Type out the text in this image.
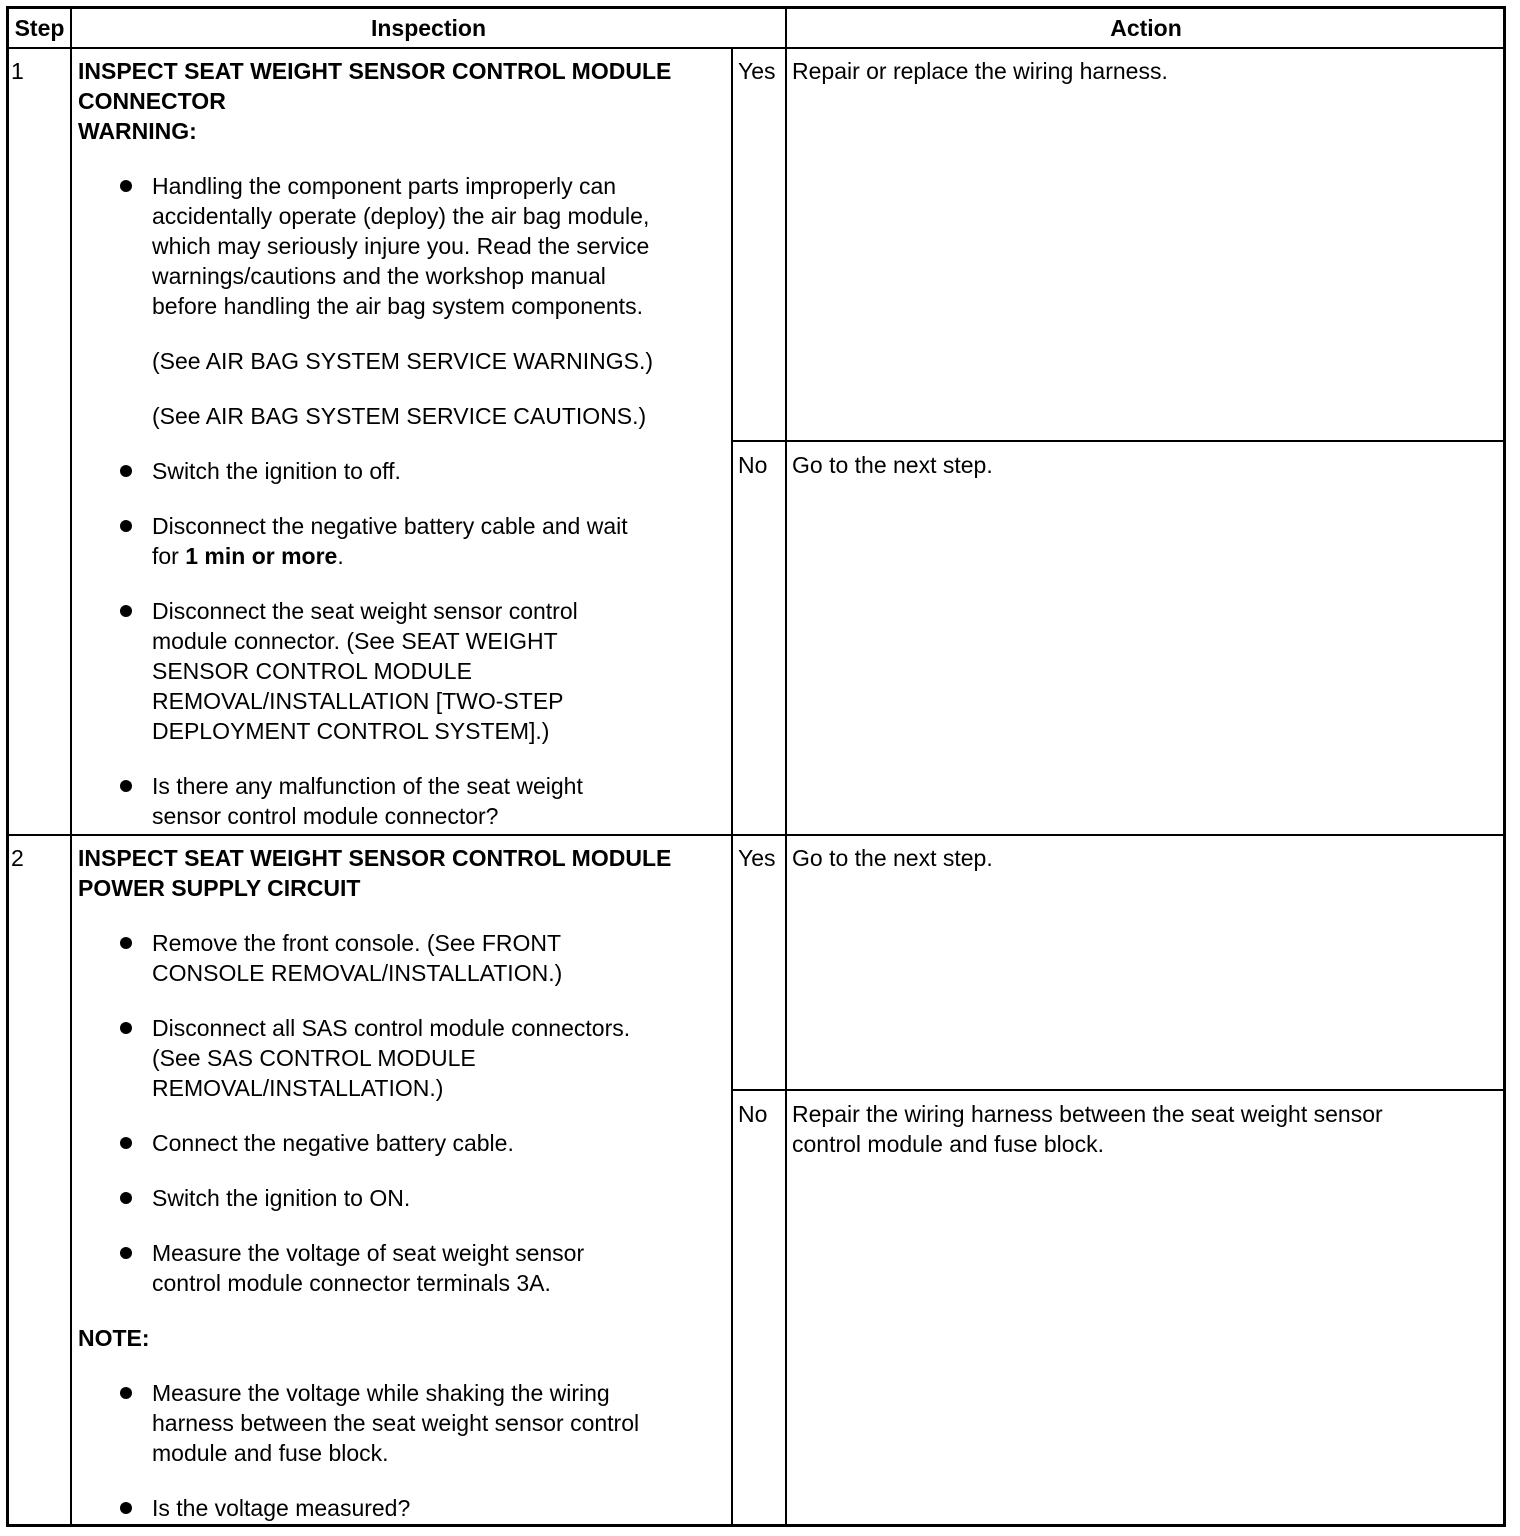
Step	Inspection	Action
1 INSPECT SEAT WEIGHT SENSOR CONTROL MODULE
CONNECTOR
WARNING:
Handling the component parts improperly can
accidentally operate (deploy) the air bag module,
which may seriously injure you. Read the service
warnings/cautions and the workshop manual
before handling the air bag system components.
(See AIR BAG SYSTEM SERVICE WARNINGS.)
(See AIR BAG SYSTEM SERVICE CAUTIONS.)
Switch the ignition to off.
Disconnect the negative battery cable and wait
for 1 min or more.
Disconnect the seat weight sensor control
module connector. (See SEAT WEIGHT
SENSOR CONTROL MODULE
REMOVAL/INSTALLATION [TWO-STEP
DEPLOYMENT CONTROL SYSTEM].)
Is there any malfunction of the seat weight
sensor control module connector?
Yes Repair or replace the wiring harness.
No Go to the next step.
2 INSPECT SEAT WEIGHT SENSOR CONTROL MODULE
POWER SUPPLY CIRCUIT
Remove the front console. (See FRONT
CONSOLE REMOVAL/INSTALLATION.)
Disconnect all SAS control module connectors.
(See SAS CONTROL MODULE
REMOVAL/INSTALLATION.)
Connect the negative battery cable.
Switch the ignition to ON.
Measure the voltage of seat weight sensor
control module connector terminals 3A.
NOTE:
Measure the voltage while shaking the wiring
harness between the seat weight sensor control
module and fuse block.
Is the voltage measured?
Yes Go to the next step.
No Repair the wiring harness between the seat weight sensor
control module and fuse block.
